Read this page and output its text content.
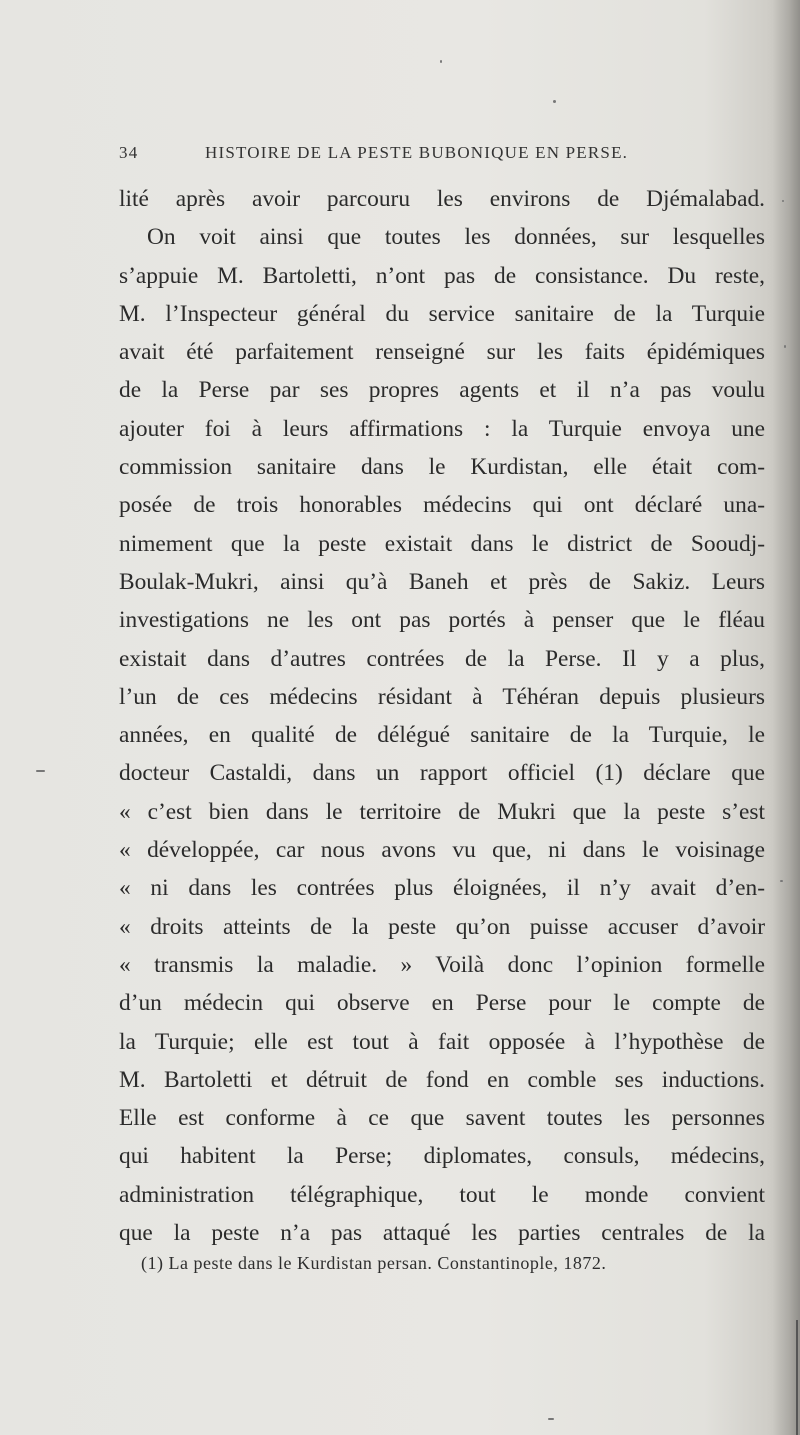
34	HISTOIRE DE LA PESTE BUBONIQUE EN PERSE.
lité après avoir parcouru les environs de Djémalabad.
On voit ainsi que toutes les données, sur lesquelles
s’appuie M. Bartoletti, n’ont pas de consistance. Du reste,
M. l’Inspecteur général du service sanitaire de la Turquie
avait été parfaitement renseigné sur les faits épidémiques
de la Perse par ses propres agents et il n’a pas voulu
ajouter foi à leurs affirmations : la Turquie envoya une
commission sanitaire dans le Kurdistan, elle était com-
posée de trois honorables médecins qui ont déclaré una-
nimement que la peste existait dans le district de Sooudj-
Boulak-Mukri, ainsi qu’à Baneh et près de Sakiz. Leurs
investigations ne les ont pas portés à penser que le fléau
existait dans d’autres contrées de la Perse. Il y a plus,
l’un de ces médecins résidant à Téhéran depuis plusieurs
années, en qualité de délégué sanitaire de la Turquie, le
docteur Castaldi, dans un rapport officiel (1) déclare que
« c’est bien dans le territoire de Mukri que la peste s’est
« développée, car nous avons vu que, ni dans le voisinage
« ni dans les contrées plus éloignées, il n’y avait d’en-
« droits atteints de la peste qu’on puisse accuser d’avoir
« transmis la maladie. » Voilà donc l’opinion formelle
d’un médecin qui observe en Perse pour le compte de
la Turquie; elle est tout à fait opposée à l’hypothèse de
M. Bartoletti et détruit de fond en comble ses inductions.
Elle est conforme à ce que savent toutes les personnes
qui habitent la Perse; diplomates, consuls, médecins,
administration télégraphique, tout le monde convient
que la peste n’a pas attaqué les parties centrales de la
(1) La peste dans le Kurdistan persan. Constantinople, 1872.
